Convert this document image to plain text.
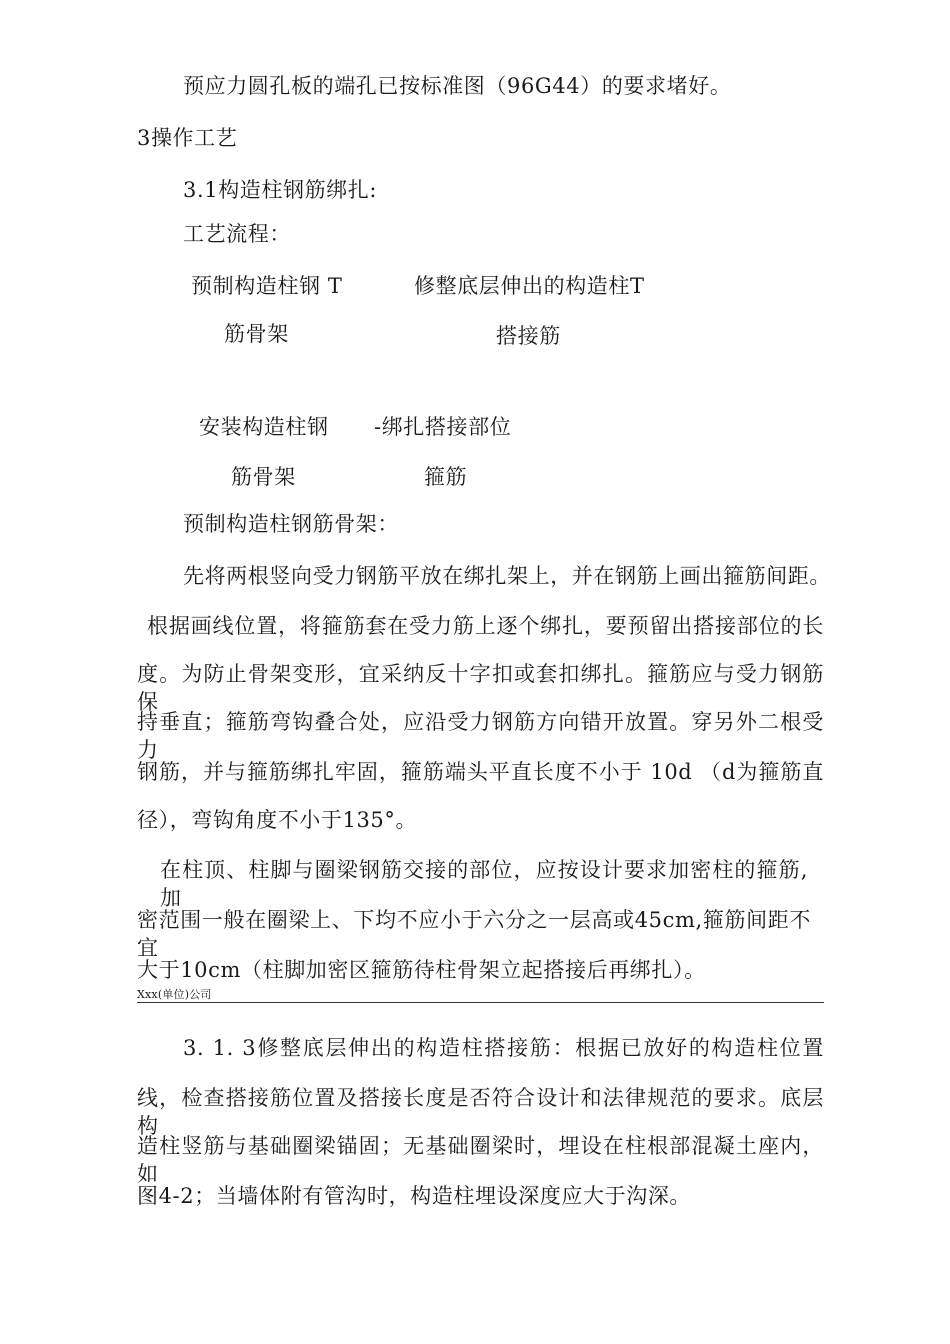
预应力圆孔板的端孔已按标准图（96G44）的要求堵好。
3操作工艺
3.1构造柱钢筋绑扎:
工艺流程：
预制构造柱钢 T
筋骨架
修整底层伸出的构造柱T
搭接筋
安装构造柱钢
筋骨架
-绑扎搭接部位
箍筋
预制构造柱钢筋骨架：
先将两根竖向受力钢筋平放在绑扎架上，并在钢筋上画出箍筋间距。
根据画线位置，将箍筋套在受力筋上逐个绑扎，要预留出搭接部位的长
度。为防止骨架变形，宜采纳反十字扣或套扣绑扎。箍筋应与受力钢筋保
持垂直；箍筋弯钩叠合处，应沿受力钢筋方向错开放置。穿另外二根受力
钢筋，并与箍筋绑扎牢固，箍筋端头平直长度不小于 10d （d为箍筋直
径），弯钩角度不小于135°。
在柱顶、柱脚与圈梁钢筋交接的部位，应按设计要求加密柱的箍筋,加
密范围一般在圈梁上、下均不应小于六分之一层高或45cm,箍筋间距不宜
大于10cm（柱脚加密区箍筋待柱骨架立起搭接后再绑扎）。
Xxx(单位)公司
3. 1. 3修整底层伸出的构造柱搭接筋：根据已放好的构造柱位置
线，检查搭接筋位置及搭接长度是否符合设计和法律规范的要求。底层构
造柱竖筋与基础圈梁锚固；无基础圈梁时，埋设在柱根部混凝土座内，如
图4-2；当墙体附有管沟时，构造柱埋设深度应大于沟深。
